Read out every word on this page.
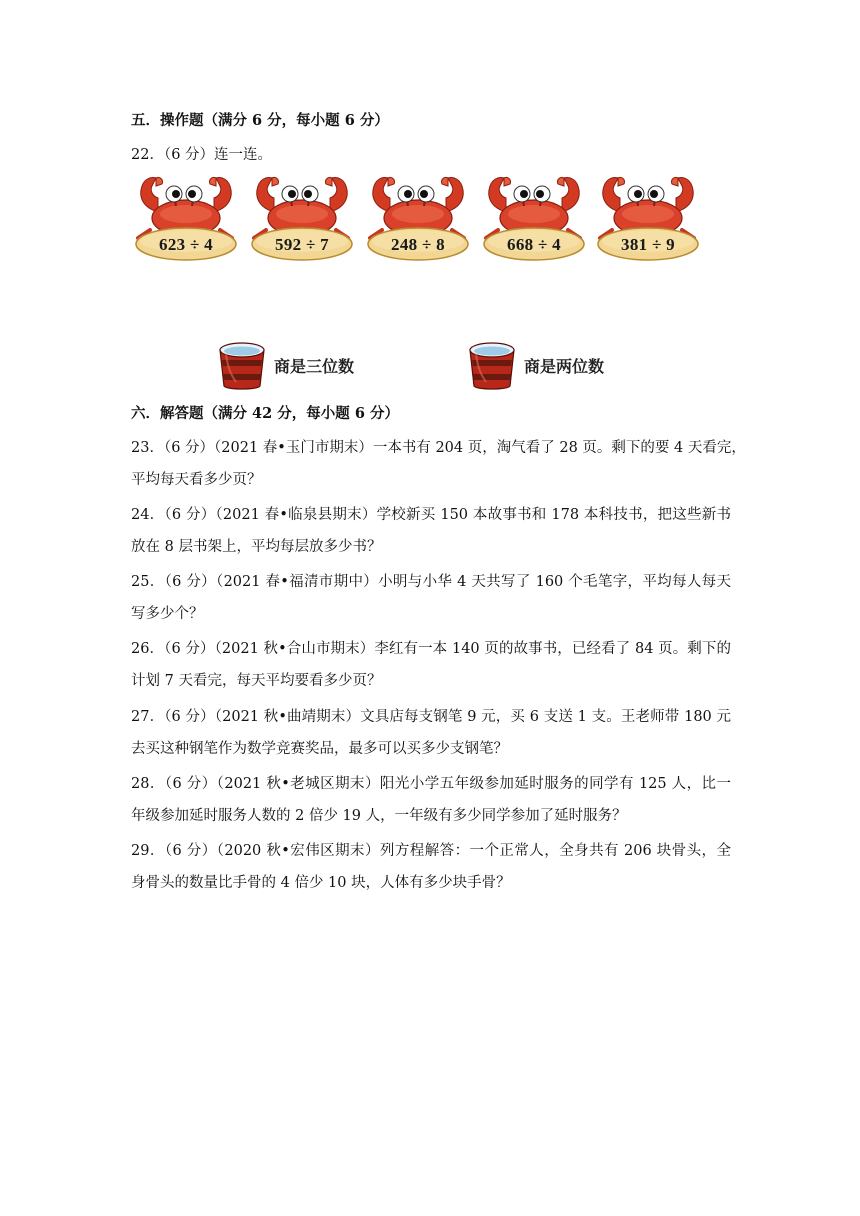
五．操作题（满分 6 分，每小题 6 分）
22．（6 分）连一连。
623 ÷ 4	592 ÷ 7	248 ÷ 8	668 ÷ 4	381 ÷ 9
商是三位数	商是两位数
六．解答题（满分 42 分，每小题 6 分）
23．（6 分）（2021 春•玉门市期末）一本书有 204 页，淘气看了 28 页。剩下的要 4 天看完，
平均每天看多少页？
24．（6 分）（2021 春•临泉县期末）学校新买 150 本故事书和 178 本科技书，把这些新书
放在 8 层书架上，平均每层放多少书？
25．（6 分）（2021 春•福清市期中）小明与小华 4 天共写了 160 个毛笔字，平均每人每天
写多少个？
26．（6 分）（2021 秋•合山市期末）李红有一本 140 页的故事书，已经看了 84 页。剩下的
计划 7 天看完，每天平均要看多少页？
27．（6 分）（2021 秋•曲靖期末）文具店每支钢笔 9 元，买 6 支送 1 支。王老师带 180 元
去买这种钢笔作为数学竞赛奖品，最多可以买多少支钢笔？
28．（6 分）（2021 秋•老城区期末）阳光小学五年级参加延时服务的同学有 125 人，比一
年级参加延时服务人数的 2 倍少 19 人，一年级有多少同学参加了延时服务？
29．（6 分）（2020 秋•宏伟区期末）列方程解答：一个正常人，全身共有 206 块骨头，全
身骨头的数量比手骨的 4 倍少 10 块，人体有多少块手骨？
